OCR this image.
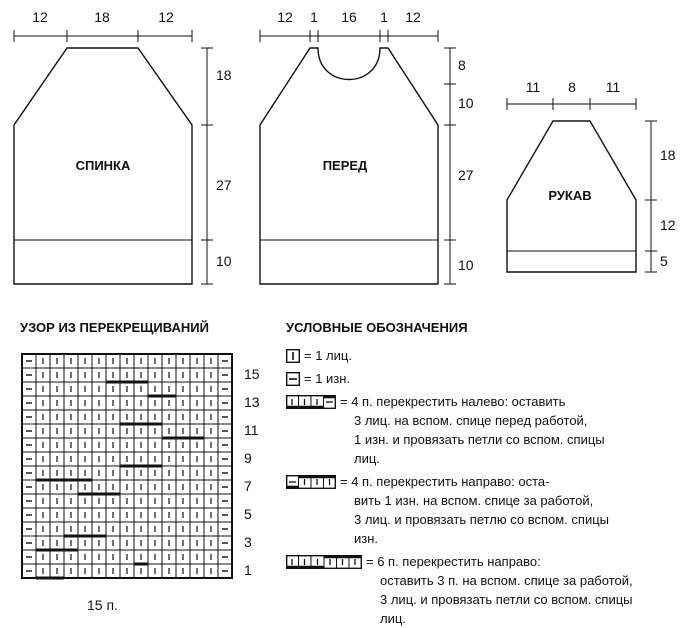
12	18	12
СПИНКА
18
27
10
12 1 16 1 12
ПЕРЕД
8
10
27
10
11 8 11
РУКАВ
18
12
5
УЗОР ИЗ ПЕРЕКРЕЩИВАНИЙ
15
13
11
9
7
5
3
1
15 п.
УСЛОВНЫЕ ОБОЗНАЧЕНИЯ
= 1 лиц.
= 1 изн.
= 4 п. перекрестить налево: оставить
3 лиц. на вспом. спице перед работой,
1 изн. и провязать петли со вспом. спицы
лиц.
= 4 п. перекрестить направо: оста-
вить 1 изн. на вспом. спице за работой,
3 лиц. и провязать петлю со вспом. спицы
изн.
= 6 п. перекрестить направо:
оставить 3 п. на вспом. спице за работой,
3 лиц. и провязать петли со вспом. спицы
лиц.
